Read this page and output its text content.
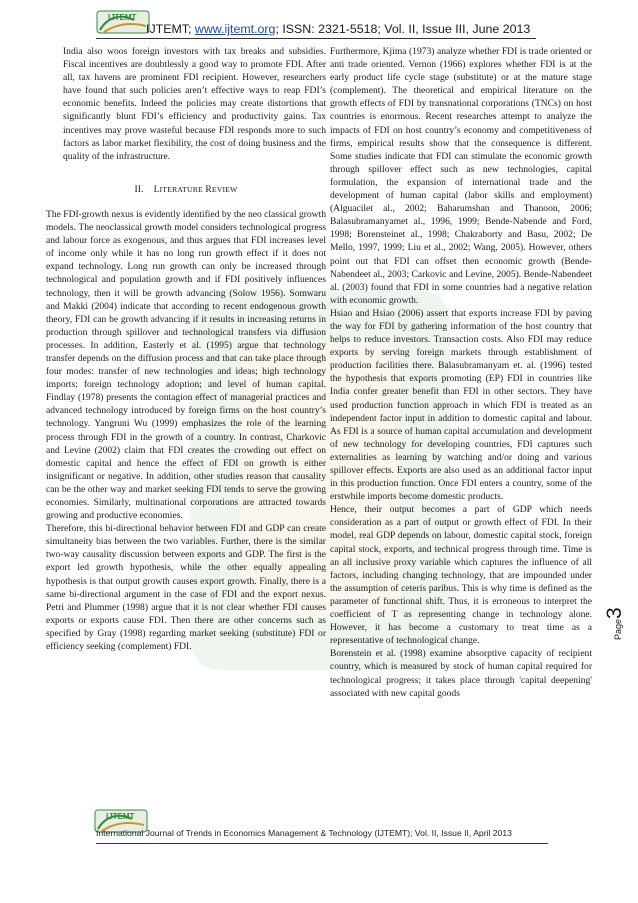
IJTEMT
IJTEMT; www.ijtemt.org; ISSN: 2321-5518; Vol. II, Issue III, June 2013

India also woos foreign investors with tax breaks and subsidies. Fiscal incentives are doubtlessly a good way to promote FDI. After all, tax havens are prominent FDI recipient. However, researchers have found that such policies aren’t effective ways to reap FDI’s economic benefits. Indeed the policies may create distortions that significantly blunt FDI’s efficiency and productivity gains. Tax incentives may prove wasteful because FDI responds more to such factors as labor market flexibility, the cost of doing business and the quality of the infrastructure.

II. LITERATURE REVIEW

The FDI-growth nexus is evidently identified by the neo classical growth models. The neoclassical growth model considers technological progress and labour force as exogenous, and thus argues that FDI increases level of income only while it has no long run growth effect if it does not expand technology. Long run growth can only be increased through technological and population growth and if FDI positively influences technology, then it will be growth advancing (Solow 1956). Somwaru and Makki (2004) indicate that according to recent endogenous growth theory, FDI can be growth advancing if it results in increasing returns in production through spillover and technological transfers via diffusion processes. In addition, Easterly et al. (1995) argue that technology transfer depends on the diffusion process and that can take place through four modes: transfer of new technologies and ideas; high technology imports; foreign technology adoption; and level of human capital. Findlay (1978) presents the contagion effect of managerial practices and advanced technology introduced by foreign firms on the host country’s technology. Yangruni Wu (1999) emphasizes the role of the learning process through FDI in the growth of a country. In contrast, Charkovic and Levine (2002) claim that FDI creates the crowding out effect on domestic capital and hence the effect of FDI on growth is either insignificant or negative. In addition, other studies reason that causality can be the other way and market seeking FDI tends to serve the growing economies. Similarly, multinational corporations are attracted towards growing and productive economies.

Therefore, this bi-directional behavior between FDI and GDP can create simultaneity bias between the two variables. Further, there is the similar two-way causality discussion between exports and GDP. The first is the export led growth hypothesis, while the other equally appealing hypothesis is that output growth causes export growth. Finally, there is a same bi-directional argument in the case of FDI and the export nexus. Petri and Plummer (1998) argue that it is not clear whether FDI causes exports or exports cause FDI. Then there are other concerns such as specified by Gray (1998) regarding market seeking (substitute) FDI or efficiency seeking (complement) FDI.

Furthermore, Kjima (1973) analyze whether FDI is trade oriented or anti trade oriented. Vernon (1966) explores whether FDI is at the early product life cycle stage (substitute) or at the mature stage (complement). The theoretical and empirical literature on the growth effects of FDI by transnational corporations (TNCs) on host countries is enormous. Recent researches attempt to analyze the impacts of FDI on host country’s economy and competitiveness of firms, empirical results show that the consequence is different. Some studies indicate that FDI can stimulate the economic growth through spillover effect such as new technologies, capital formulation, the expansion of international trade and the development of human capital (labor skills and employment) (Alguacilet al., 2002; Baharumshan and Thanoon, 2006; Balasubramanyamet al., 1996, 1999; Bende-Nabende and Ford, 1998; Borensteinet al., 1998; Chakraborty and Basu, 2002; De Mello, 1997, 1999; Liu et al., 2002; Wang, 2005). However, others point out that FDI can offset then economic growth (Bende-Nabendeet al., 2003; Carkovic and Levine, 2005). Bende-Nabendeet al. (2003) found that FDI in some countries had a negative relation with economic growth.

Hsiao and Hsiao (2006) assert that exports increase FDI by paving the way for FDI by gathering information of the host country that helps to reduce investors. Transaction costs. Also FDI may reduce exports by serving foreign markets through establishment of production facilities there. Balasubramanyam et. al. (1996) tested the hypothesis that exports promoting (EP) FDI in countries like India confer greater benefit than FDI in other sectors. They have used production function approach in which FDI is treated as an independent factor input in addition to domestic capital and labour. As FDI is a source of human capital accumulation and development of new technology for developing countries, FDI captures such externalities as learning by watching and/or doing and various spillover effects. Exports are also used as an additional factor input in this production function. Once FDI enters a country, some of the erstwhile imports become domestic products.

Hence, their output becomes a part of GDP which needs consideration as a part of output or growth effect of FDI. In their model, real GDP depends on labour, domestic capital stock, foreign capital stock, exports, and technical progress through time. Time is an all inclusive proxy variable which captures the influence of all factors, including changing technology, that are impounded under the assumption of ceteris paribus. This is why time is defined as the parameter of functional shift. Thus, it is erroneous to interpret the coefficient of T as representing change in technology alone. However, it has become a customary to treat time as a representative of technological change.

Borenstein et al. (1998) examine absorptive capacity of recipient country, which is measured by stock of human capital required for technological progress; it takes place through 'capital deepening' associated with new capital goods

Page3
IJTEMT
International Journal of Trends in Economics Management & Technology (IJTEMT); Vol. II, Issue II, April 2013
